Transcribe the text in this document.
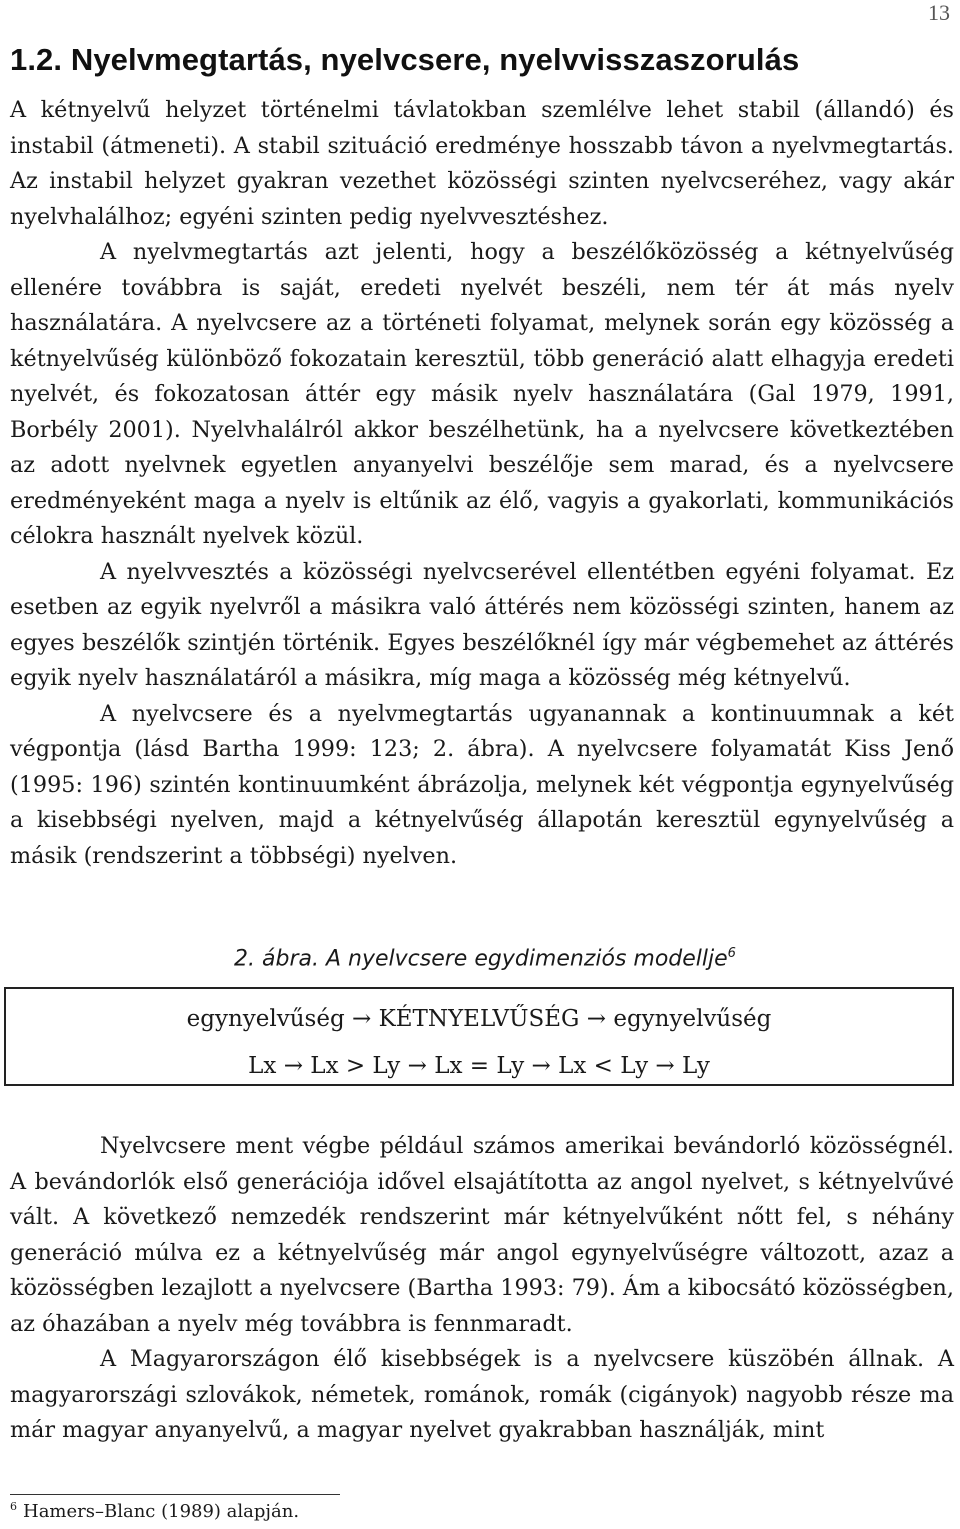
13
1.2. Nyelvmegtartás, nyelvcsere, nyelvvisszaszorulás

A kétnyelvű helyzet történelmi távlatokban szemlélve lehet stabil (állandó) és instabil (átmeneti). A stabil szituáció eredménye hosszabb távon a nyelvmegtartás. Az instabil helyzet gyakran vezethet közösségi szinten nyelvcseréhez, vagy akár nyelvhalálhoz; egyéni szinten pedig nyelvvesztéshez.

A nyelvmegtartás azt jelenti, hogy a beszélőközösség a kétnyelvűség ellenére továbbra is saját, eredeti nyelvét beszéli, nem tér át más nyelv használatára. A nyelvcsere az a történeti folyamat, melynek során egy közösség a kétnyelvűség különböző fokozatain keresztül, több generáció alatt elhagyja eredeti nyelvét, és fokozatosan áttér egy másik nyelv használatára (Gal 1979, 1991, Borbély 2001). Nyelvhalálról akkor beszélhetünk, ha a nyelvcsere következtében az adott nyelvnek egyetlen anyanyelvi beszélője sem marad, és a nyelvcsere eredményeként maga a nyelv is eltűnik az élő, vagyis a gyakorlati, kommunikációs célokra használt nyelvek közül.

A nyelvvesztés a közösségi nyelvcserével ellentétben egyéni folyamat. Ez esetben az egyik nyelvről a másikra való áttérés nem közösségi szinten, hanem az egyes beszélők szintjén történik. Egyes beszélőknél így már végbemehet az áttérés egyik nyelv használatáról a másikra, míg maga a közösség még kétnyelvű.

A nyelvcsere és a nyelvmegtartás ugyanannak a kontinuumnak a két végpontja (lásd Bartha 1999: 123; 2. ábra). A nyelvcsere folyamatát Kiss Jenő (1995: 196) szintén kontinuumként ábrázolja, melynek két végpontja egynyelvűség a kisebbségi nyelven, majd a kétnyelvűség állapotán keresztül egynyelvűség a másik (rendszerint a többségi) nyelven.

2. ábra. A nyelvcsere egydimenziós modellje$^6$
egynyelvűség → KÉTNYELVŰSÉG → egynyelvűség
Lx → Lx > Ly → Lx = Ly → Lx < Ly → Ly

Nyelvcsere ment végbe például számos amerikai bevándorló közösségnél. A bevándorlók első generációja idővel elsajátította az angol nyelvet, s kétnyelvűvé vált. A következő nemzedék rendszerint már kétnyelvűként nőtt fel, s néhány generáció múlva ez a kétnyelvűség már angol egynyelvűségre változott, azaz a közösségben lezajlott a nyelvcsere (Bartha 1993: 79). Ám a kibocsátó közösségben, az óhazában a nyelv még továbbra is fennmaradt.

A Magyarországon élő kisebbségek is a nyelvcsere küszöbén állnak. A magyarországi szlovákok, németek, románok, romák (cigányok) nagyobb része ma már magyar anyanyelvű, a magyar nyelvet gyakrabban használják, mint

$^6$ Hamers–Blanc (1989) alapján.
